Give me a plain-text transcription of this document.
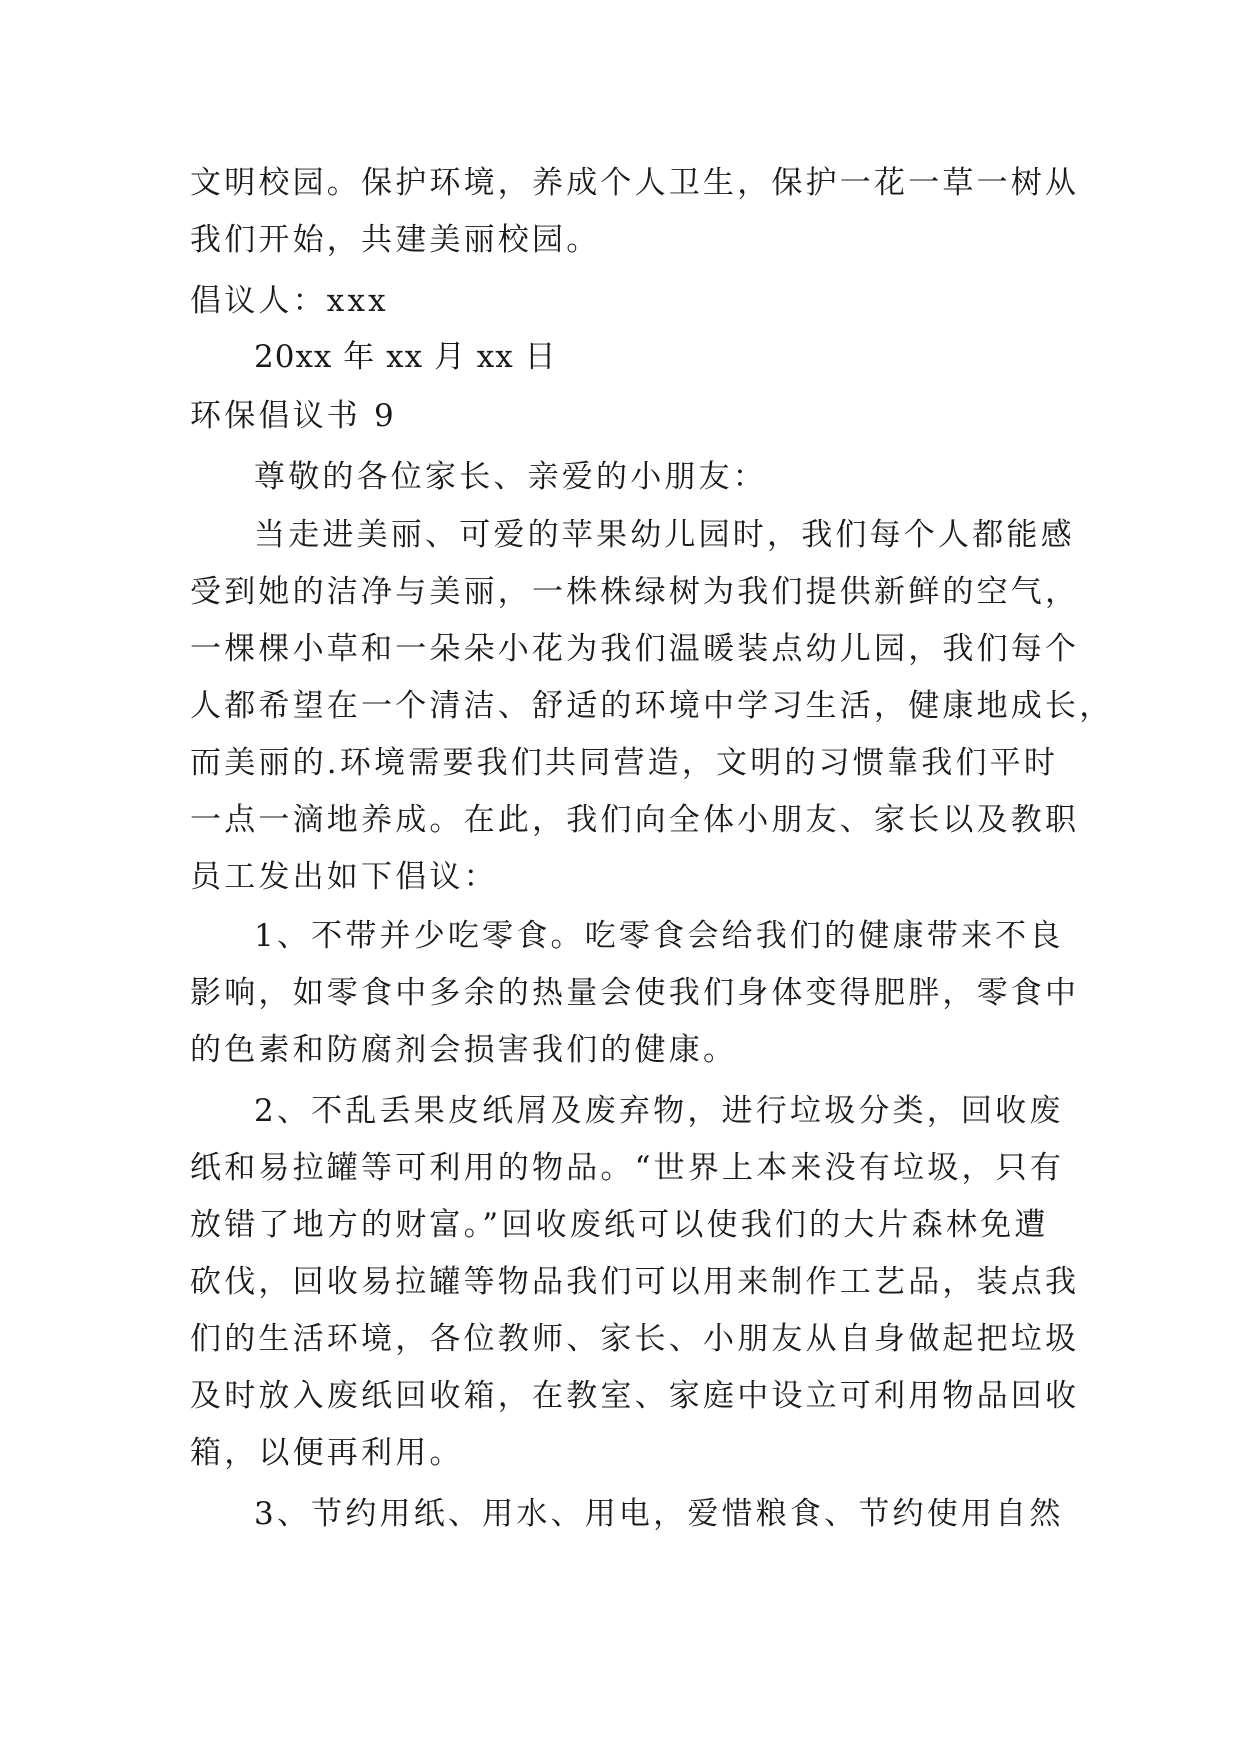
文明校园。保护环境，养成个人卫生，保护一花一草一树从
我们开始，共建美丽校园。
倡议人：xxx
20xx 年 xx 月 xx 日
环保倡议书 9
尊敬的各位家长、亲爱的小朋友：
当走进美丽、可爱的苹果幼儿园时，我们每个人都能感
受到她的洁净与美丽，一株株绿树为我们提供新鲜的空气，
一棵棵小草和一朵朵小花为我们温暖装点幼儿园，我们每个
人都希望在一个清洁、舒适的环境中学习生活，健康地成长，
而美丽的.环境需要我们共同营造，文明的习惯靠我们平时
一点一滴地养成。在此，我们向全体小朋友、家长以及教职
员工发出如下倡议：
1、不带并少吃零食。吃零食会给我们的健康带来不良
影响，如零食中多余的热量会使我们身体变得肥胖，零食中
的色素和防腐剂会损害我们的健康。
2、不乱丢果皮纸屑及废弃物，进行垃圾分类，回收废
纸和易拉罐等可利用的物品。“世界上本来没有垃圾，只有
放错了地方的财富。”回收废纸可以使我们的大片森林免遭
砍伐，回收易拉罐等物品我们可以用来制作工艺品，装点我
们的生活环境，各位教师、家长、小朋友从自身做起把垃圾
及时放入废纸回收箱，在教室、家庭中设立可利用物品回收
箱，以便再利用。
3、节约用纸、用水、用电，爱惜粮食、节约使用自然
